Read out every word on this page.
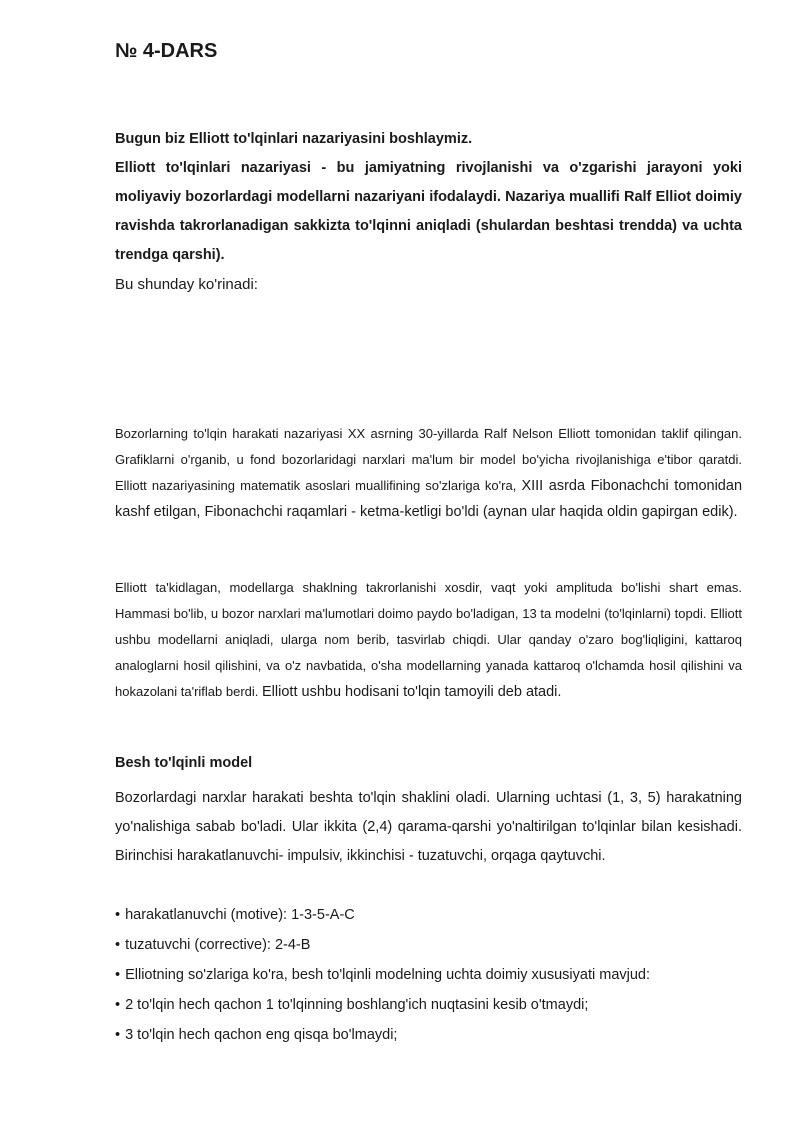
№ 4-DARS

Bugun biz Elliott to'lqinlari nazariyasini boshlaymiz.

Elliott to'lqinlari nazariyasi - bu jamiyatning rivojlanishi va o'zgarishi jarayoni yoki moliyaviy bozorlardagi modellarni nazariyani ifodalaydi. Nazariya muallifi Ralf Elliot doimiy ravishda takrorlanadigan sakkizta to'lqinni aniqladi (shulardan beshtasi trendda) va uchta trendga qarshi).

Bu shunday ko'rinadi:

Bozorlarning to'lqin harakati nazariyasi XX asrning 30-yillarda Ralf Nelson Elliott tomonidan taklif qilingan. Grafiklarni o'rganib, u fond bozorlaridagi narxlari ma'lum bir model bo'yicha rivojlanishiga e'tibor qaratdi. Elliott nazariyasining matematik asoslari muallifining so'zlariga ko'ra, XIII asrda Fibonachchi tomonidan kashf etilgan, Fibonachchi raqamlari - ketma-ketligi bo'ldi (aynan ular haqida oldin gapirgan edik).

Elliott ta'kidlagan, modellarga shaklning takrorlanishi xosdir, vaqt yoki amplituda bo'lishi shart emas. Hammasi bo'lib, u bozor narxlari ma'lumotlari doimo paydo bo'ladigan, 13 ta modelni (to'lqinlarni) topdi. Elliott ushbu modellarni aniqladi, ularga nom berib, tasvirlab chiqdi. Ular qanday o'zaro bog'liqligini, kattaroq analoglarni hosil qilishini, va o'z navbatida, o'sha modellarning yanada kattaroq o'lchamda hosil qilishini va hokazolani ta'riflab berdi. Elliott ushbu hodisani to'lqin tamoyili deb atadi.

Besh to'lqinli model

Bozorlardagi narxlar harakati beshta to'lqin shaklini oladi. Ularning uchtasi (1, 3, 5) harakatning yo'nalishiga sabab bo'ladi. Ular ikkita (2,4) qarama-qarshi yo'naltirilgan to'lqinlar bilan kesishadi. Birinchisi harakatlanuvchi- impulsiv, ikkinchisi - tuzatuvchi, orqaga qaytuvchi.

• harakatlanuvchi (motive): 1-3-5-A-C
• tuzatuvchi (corrective): 2-4-B
• Elliotning so'zlariga ko'ra, besh to'lqinli modelning uchta doimiy xususiyati mavjud:
• 2 to'lqin hech qachon 1 to'lqinning boshlang'ich nuqtasini kesib o'tmaydi;
• 3 to'lqin hech qachon eng qisqa bo'lmaydi;
